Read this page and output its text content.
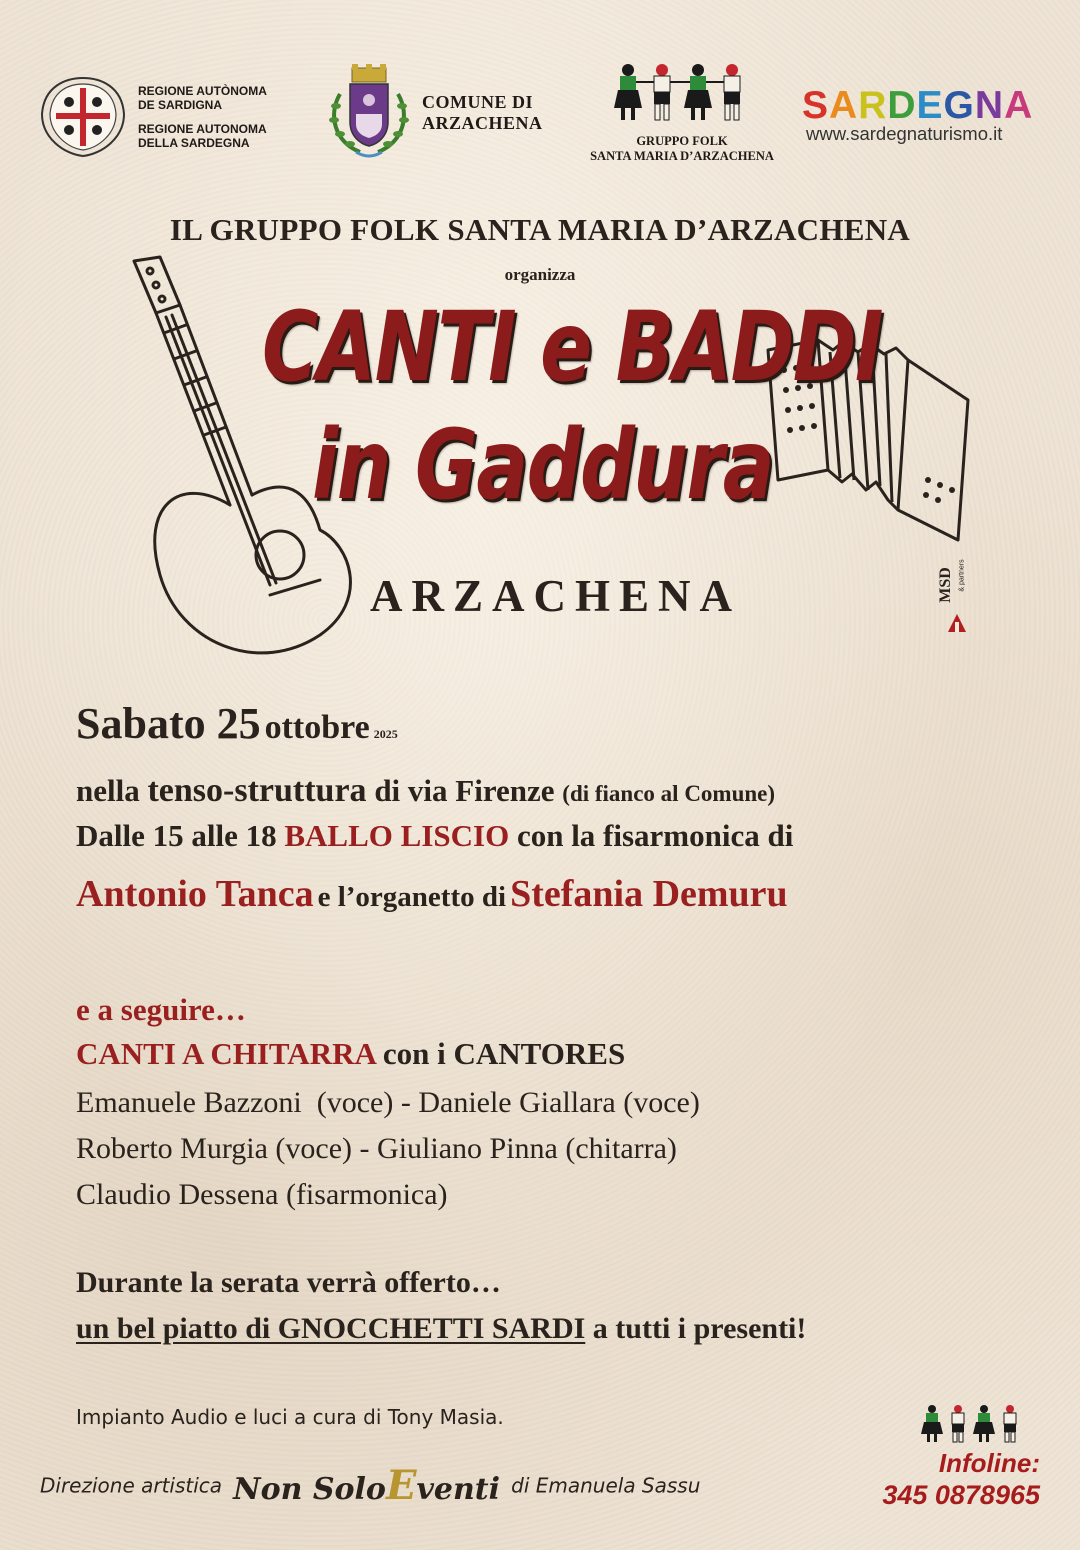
REGIONE AUTÒNOMA
DE SARDIGNA
REGIONE AUTONOMA
DELLA SARDEGNA
COMUNE DI
ARZACHENA
GRUPPO FOLK
SANTA MARIA D’ARZACHENA
SARDEGNA
www.sardegnaturismo.it
IL GRUPPO FOLK SANTA MARIA D’ARZACHENA
organizza
CANTI e BADDI
in Gaddura
ARZACHENA	MSD & partners
Sabato 25 ottobre 2025
nella tenso-struttura di via Firenze (di fianco al Comune)
Dalle 15 alle 18 BALLO LISCIO con la fisarmonica di
Antonio Tanca e l’organetto di Stefania Demuru
e a seguire…
CANTI A CHITARRA con i CANTORES
Emanuele Bazzoni  (voce) - Daniele Giallara (voce)
Roberto Murgia (voce) - Giuliano Pinna (chitarra)
Claudio Dessena (fisarmonica)
Durante la serata verrà offerto…
un bel piatto di GNOCCHETTI SARDI a tutti i presenti!
Impianto Audio e luci a cura di Tony Masia.
Infoline:
345 0878965
Direzione artistica Non SoloEventi di Emanuela Sassu
